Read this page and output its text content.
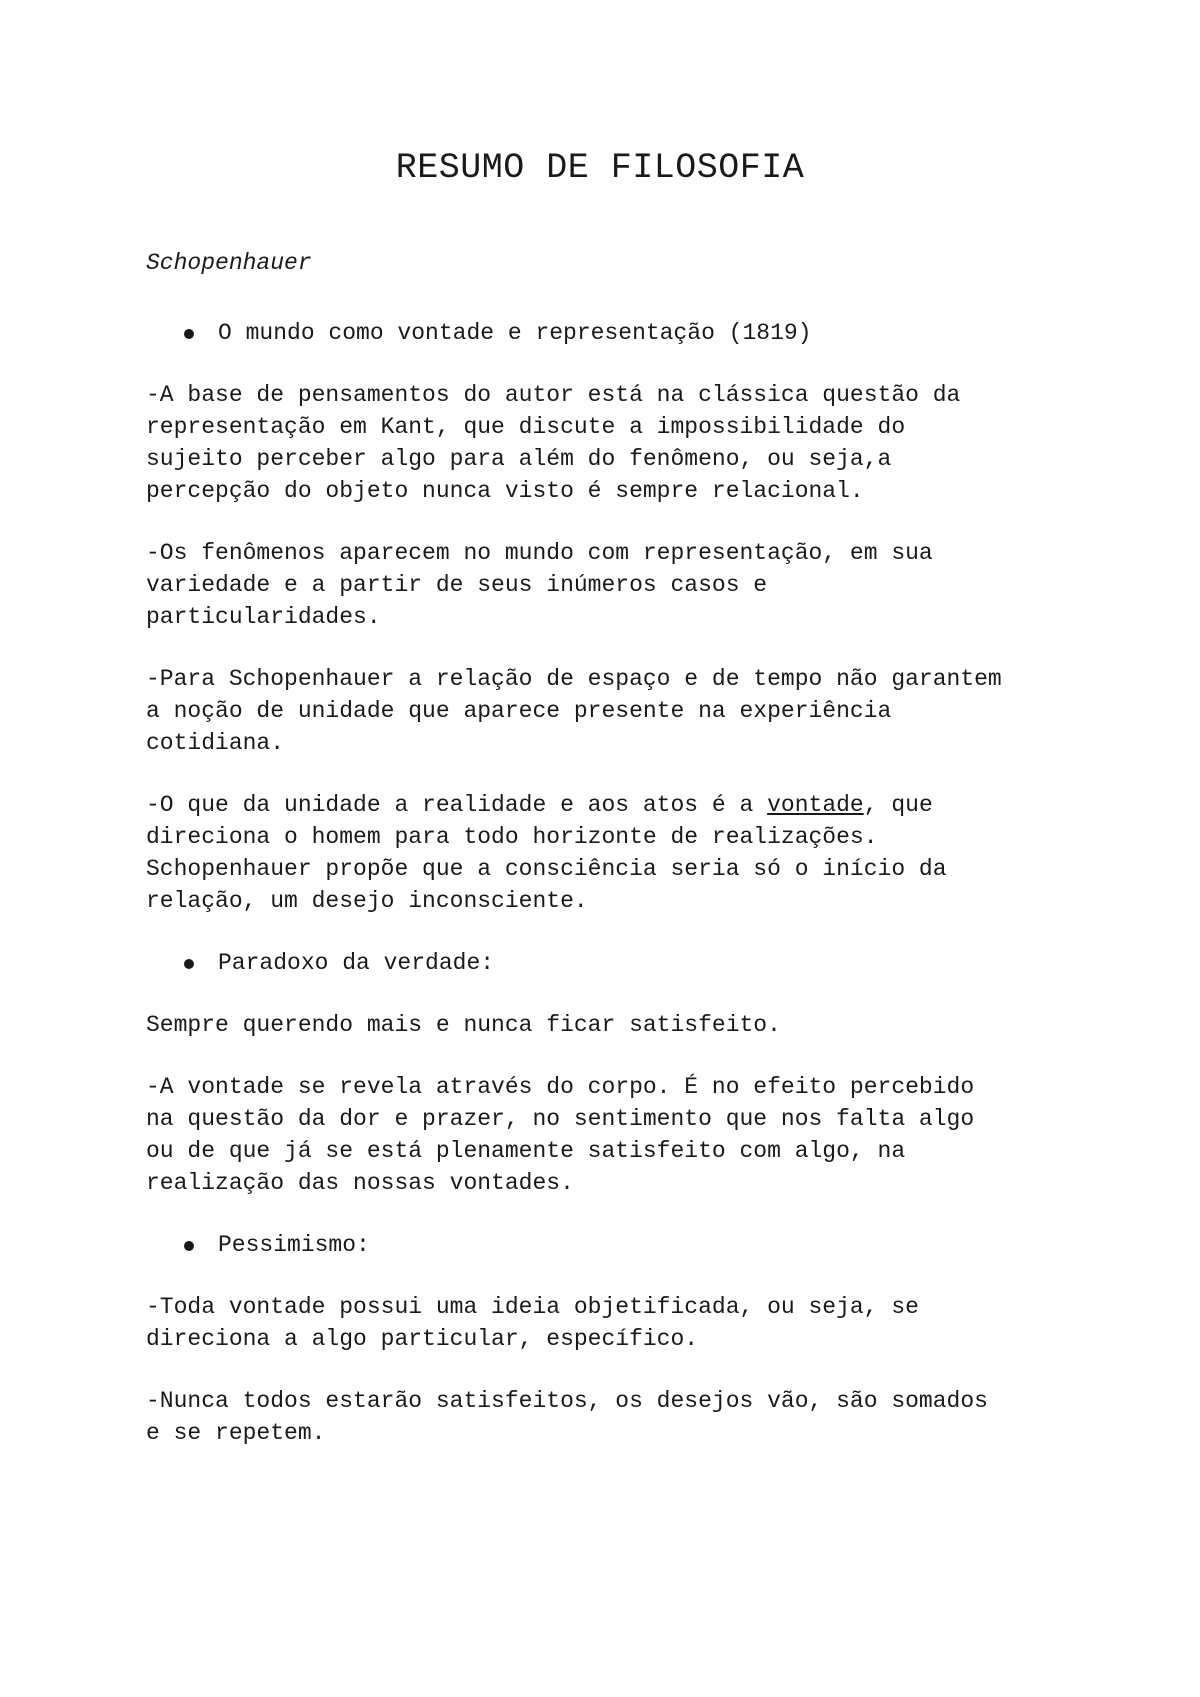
RESUMO DE FILOSOFIA

Schopenhauer

O mundo como vontade e representação (1819)

-A base de pensamentos do autor está na clássica questão da
representação em Kant, que discute a impossibilidade do
sujeito perceber algo para além do fenômeno, ou seja,a
percepção do objeto nunca visto é sempre relacional.

-Os fenômenos aparecem no mundo com representação, em sua
variedade e a partir de seus inúmeros casos e
particularidades.

-Para Schopenhauer a relação de espaço e de tempo não garantem
a noção de unidade que aparece presente na experiência
cotidiana.

-O que da unidade a realidade e aos atos é a vontade, que
direciona o homem para todo horizonte de realizações.
Schopenhauer propõe que a consciência seria só o início da
relação, um desejo inconsciente.

Paradoxo da verdade:

Sempre querendo mais e nunca ficar satisfeito.

-A vontade se revela através do corpo. É no efeito percebido
na questão da dor e prazer, no sentimento que nos falta algo
ou de que já se está plenamente satisfeito com algo, na
realização das nossas vontades.

Pessimismo:

-Toda vontade possui uma ideia objetificada, ou seja, se
direciona a algo particular, específico.

-Nunca todos estarão satisfeitos, os desejos vão, são somados
e se repetem.
